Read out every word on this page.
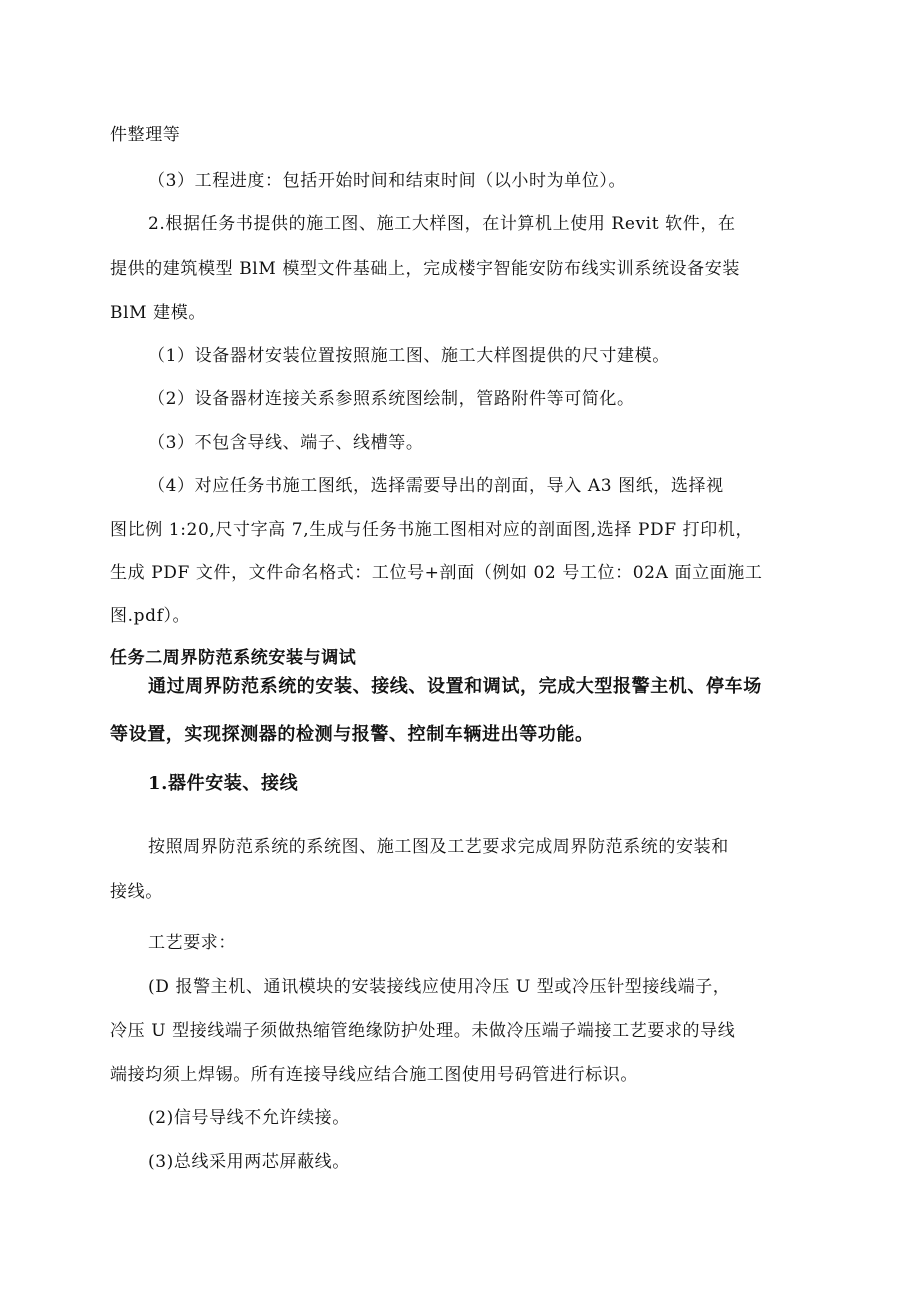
件整理等
（3）工程进度：包括开始时间和结束时间（以小时为单位）。
2.根据任务书提供的施工图、施工大样图，在计算机上使用 Revit 软件，在
提供的建筑模型 BlM 模型文件基础上，完成楼宇智能安防布线实训系统设备安装
BlM 建模。
（1）设备器材安装位置按照施工图、施工大样图提供的尺寸建模。
（2）设备器材连接关系参照系统图绘制，管路附件等可简化。
（3）不包含导线、端子、线槽等。
（4）对应任务书施工图纸，选择需要导出的剖面，导入 A3 图纸，选择视
图比例 1:20,尺寸字高 7,生成与任务书施工图相对应的剖面图,选择 PDF 打印机，
生成 PDF 文件，文件命名格式：工位号+剖面（例如 02 号工位：02A 面立面施工
图.pdf）。
任务二周界防范系统安装与调试
通过周界防范系统的安装、接线、设置和调试，完成大型报警主机、停车场
等设置，实现探测器的检测与报警、控制车辆进出等功能。
1.器件安装、接线
按照周界防范系统的系统图、施工图及工艺要求完成周界防范系统的安装和
接线。
工艺要求：
(D 报警主机、通讯模块的安装接线应使用冷压 U 型或冷压针型接线端子，
冷压 U 型接线端子须做热缩管绝缘防护处理。未做冷压端子端接工艺要求的导线
端接均须上焊锡。所有连接导线应结合施工图使用号码管进行标识。
(2)信号导线不允许续接。
(3)总线采用两芯屏蔽线。
